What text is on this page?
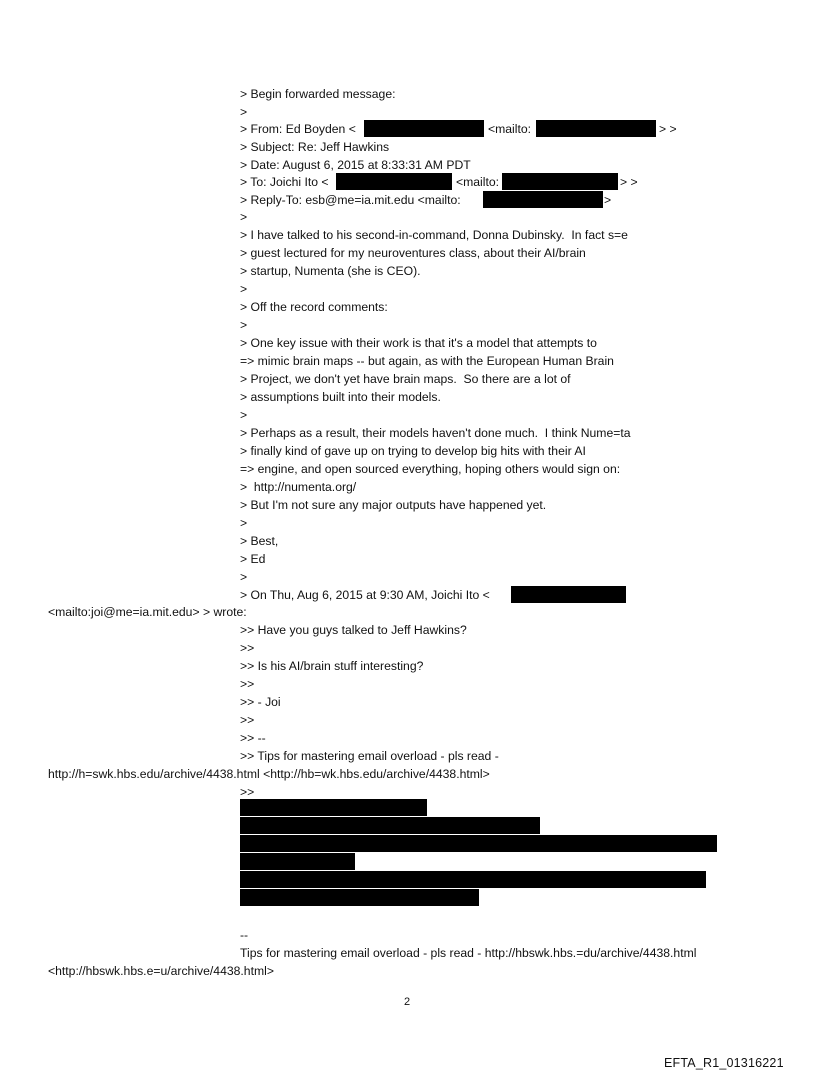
> Begin forwarded message:
>
> From: Ed Boyden <	<mailto:	> >
> Subject: Re: Jeff Hawkins
> Date: August 6, 2015 at 8:33:31 AM PDT
> To: Joichi Ito <	<mailto:	> >
> Reply-To: esb@me=ia.mit.edu <mailto:	>
>
> I have talked to his second-in-command, Donna Dubinsky.  In fact s=e
> guest lectured for my neuroventures class, about their AI/brain
> startup, Numenta (she is CEO).
>
> Off the record comments:
>
> One key issue with their work is that it's a model that attempts to
=> mimic brain maps -- but again, as with the European Human Brain
> Project, we don't yet have brain maps.  So there are a lot of
> assumptions built into their models.
>
> Perhaps as a result, their models haven't done much.  I think Nume=ta
> finally kind of gave up on trying to develop big hits with their AI
=> engine, and open sourced everything, hoping others would sign on:
>  http://numenta.org/
> But I'm not sure any major outputs have happened yet.
>
> Best,
> Ed
>
> On Thu, Aug 6, 2015 at 9:30 AM, Joichi Ito <
<mailto:joi@me=ia.mit.edu> > wrote:
>> Have you guys talked to Jeff Hawkins?
>>
>> Is his AI/brain stuff interesting?
>>
>> - Joi
>>
>> --
>> Tips for mastering email overload - pls read -
http://h=swk.hbs.edu/archive/4438.html <http://hb=wk.hbs.edu/archive/4438.html>
>>
--
Tips for mastering email overload - pls read - http://hbswk.hbs.=du/archive/4438.html
<http://hbswk.hbs.e=u/archive/4438.html>
2
EFTA_R1_01316221
